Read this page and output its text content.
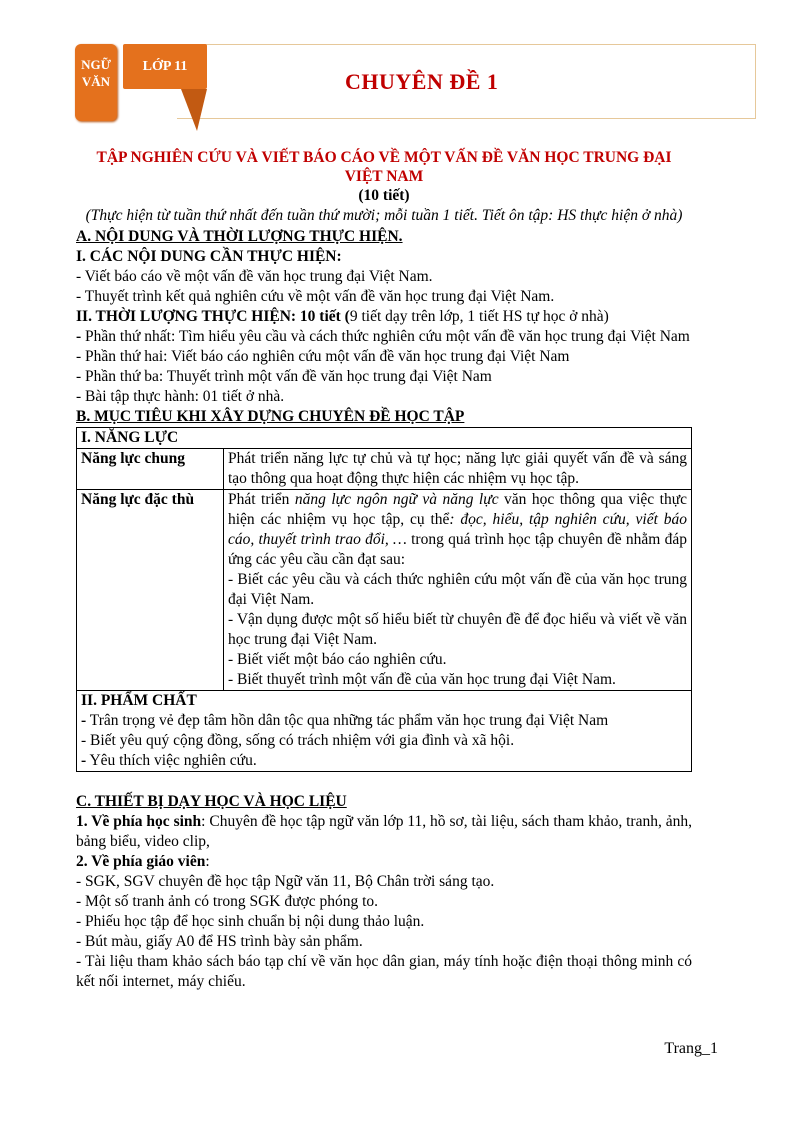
NGỮ
VĂN
LỚP 11
CHUYÊN ĐỀ 1
TẬP NGHIÊN CỨU VÀ VIẾT BÁO CÁO VỀ MỘT VẤN ĐỀ VĂN HỌC TRUNG ĐẠI VIỆT NAM
(10 tiết)
(Thực hiện từ tuần thứ nhất đến tuần thứ mười; mỗi tuần 1 tiết. Tiết ôn tập: HS thực hiện ở nhà)
A. NỘI DUNG VÀ THỜI LƯỢNG THỰC HIỆN.
I. CÁC NỘI DUNG CẦN THỰC HIỆN:
- Viết báo cáo về một vấn đề văn học trung đại Việt Nam.
- Thuyết trình kết quả nghiên cứu về một vấn đề văn học trung đại Việt Nam.
II. THỜI LƯỢNG THỰC HIỆN: 10 tiết (9 tiết dạy trên lớp, 1 tiết HS tự học ở nhà)
- Phần thứ nhất: Tìm hiểu yêu cầu và cách thức nghiên cứu một vấn đề văn học trung đại Việt Nam
- Phần thứ hai: Viết báo cáo nghiên cứu một vấn đề văn học trung đại Việt Nam
- Phần thứ ba: Thuyết trình một vấn đề văn học trung đại Việt Nam
- Bài tập thực hành: 01 tiết ở nhà.
B. MỤC TIÊU KHI XÂY DỰNG CHUYÊN ĐỀ HỌC TẬP
I. NĂNG LỰC	
Năng lực chung	Phát triển năng lực tự chủ và tự học; năng lực giải quyết vấn đề và sáng tạo thông qua hoạt động thực hiện các nhiệm vụ học tập.
Năng lực đặc thù	Phát triển năng lực ngôn ngữ và năng lực văn học thông qua việc thực hiện các nhiệm vụ học tập, cụ thể: đọc, hiểu, tập nghiên cứu, viết báo cáo, thuyết trình trao đổi, … trong quá trình học tập chuyên đề nhằm đáp ứng các yêu cầu cần đạt sau:
- Biết các yêu cầu và cách thức nghiên cứu một vấn đề của văn học trung đại Việt Nam.
- Vận dụng được một số hiểu biết từ chuyên đề để đọc hiểu và viết về văn học trung đại Việt Nam.
- Biết viết một báo cáo nghiên cứu.
- Biết thuyết trình một vấn đề của văn học trung đại Việt Nam.

II. PHẨM CHẤT
- Trân trọng vẻ đẹp tâm hồn dân tộc qua những tác phẩm văn học trung đại Việt Nam
- Biết yêu quý cộng đồng, sống có trách nhiệm với gia đình và xã hội.
- Yêu thích việc nghiên cứu.	
C. THIẾT BỊ DẠY HỌC VÀ HỌC LIỆU
1. Về phía học sinh: Chuyên đề học tập ngữ văn lớp 11, hồ sơ, tài liệu, sách tham khảo, tranh, ảnh, bảng biểu, video clip,
2. Về phía giáo viên:
- SGK, SGV chuyên đề học tập Ngữ văn 11, Bộ Chân trời sáng tạo.
- Một số tranh ảnh có trong SGK được phóng to.
- Phiếu học tập để học sinh chuẩn bị nội dung thảo luận.
- Bút màu, giấy A0 để HS trình bày sản phẩm.
- Tài liệu tham khảo sách báo tạp chí về văn học dân gian, máy tính hoặc điện thoại thông minh có kết nối internet, máy chiếu.
Trang_1
